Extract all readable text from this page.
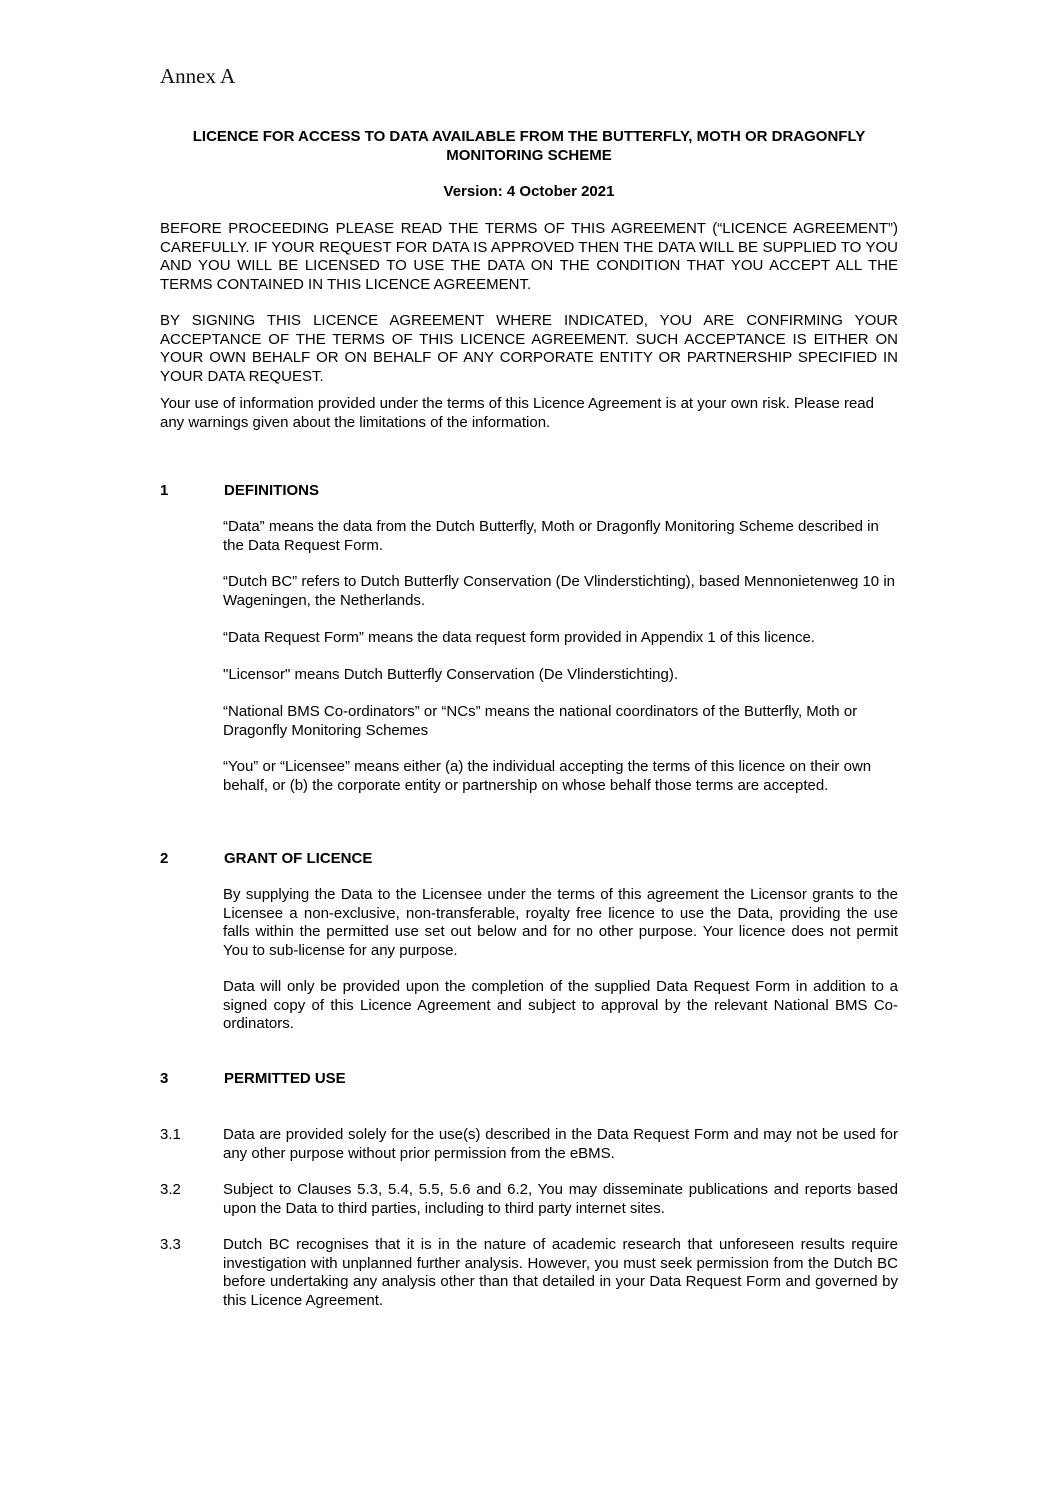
Annex A
LICENCE FOR ACCESS TO DATA AVAILABLE FROM THE BUTTERFLY, MOTH OR DRAGONFLY MONITORING SCHEME
Version: 4 October 2021

BEFORE PROCEEDING PLEASE READ THE TERMS OF THIS AGREEMENT (“LICENCE AGREEMENT”) CAREFULLY. IF YOUR REQUEST FOR DATA IS APPROVED THEN THE DATA WILL BE SUPPLIED TO YOU AND YOU WILL BE LICENSED TO USE THE DATA ON THE CONDITION THAT YOU ACCEPT ALL THE TERMS CONTAINED IN THIS LICENCE AGREEMENT.

BY SIGNING THIS LICENCE AGREEMENT WHERE INDICATED, YOU ARE CONFIRMING YOUR ACCEPTANCE OF THE TERMS OF THIS LICENCE AGREEMENT. SUCH ACCEPTANCE IS EITHER ON YOUR OWN BEHALF OR ON BEHALF OF ANY CORPORATE ENTITY OR PARTNERSHIP SPECIFIED IN YOUR DATA REQUEST.

Your use of information provided under the terms of this Licence Agreement is at your own risk. Please read any warnings given about the limitations of the information.

1	DEFINITIONS

“Data” means the data from the Dutch Butterfly, Moth or Dragonfly Monitoring Scheme described in the Data Request Form.

“Dutch BC” refers to Dutch Butterfly Conservation (De Vlinderstichting), based Mennonietenweg 10 in Wageningen, the Netherlands.

“Data Request Form” means the data request form provided in Appendix 1 of this licence.

"Licensor" means Dutch Butterfly Conservation (De Vlinderstichting).

“National BMS Co-ordinators” or “NCs” means the national coordinators of the Butterfly, Moth or Dragonfly Monitoring Schemes

“You” or “Licensee” means either (a) the individual accepting the terms of this licence on their own behalf, or (b) the corporate entity or partnership on whose behalf those terms are accepted.

2	GRANT OF LICENCE

By supplying the Data to the Licensee under the terms of this agreement the Licensor grants to the Licensee a non-exclusive, non-transferable, royalty free licence to use the Data, providing the use falls within the permitted use set out below and for no other purpose. Your licence does not permit You to sub-license for any purpose.

Data will only be provided upon the completion of the supplied Data Request Form in addition to a signed copy of this Licence Agreement and subject to approval by the relevant National BMS Co-ordinators.

3	PERMITTED USE
3.1	Data are provided solely for the use(s) described in the Data Request Form and may not be used for any other purpose without prior permission from the eBMS.
3.2	Subject to Clauses 5.3, 5.4, 5.5, 5.6 and 6.2, You may disseminate publications and reports based upon the Data to third parties, including to third party internet sites.
3.3	Dutch BC recognises that it is in the nature of academic research that unforeseen results require investigation with unplanned further analysis. However, you must seek permission from the Dutch BC before undertaking any analysis other than that detailed in your Data Request Form and governed by this Licence Agreement.
